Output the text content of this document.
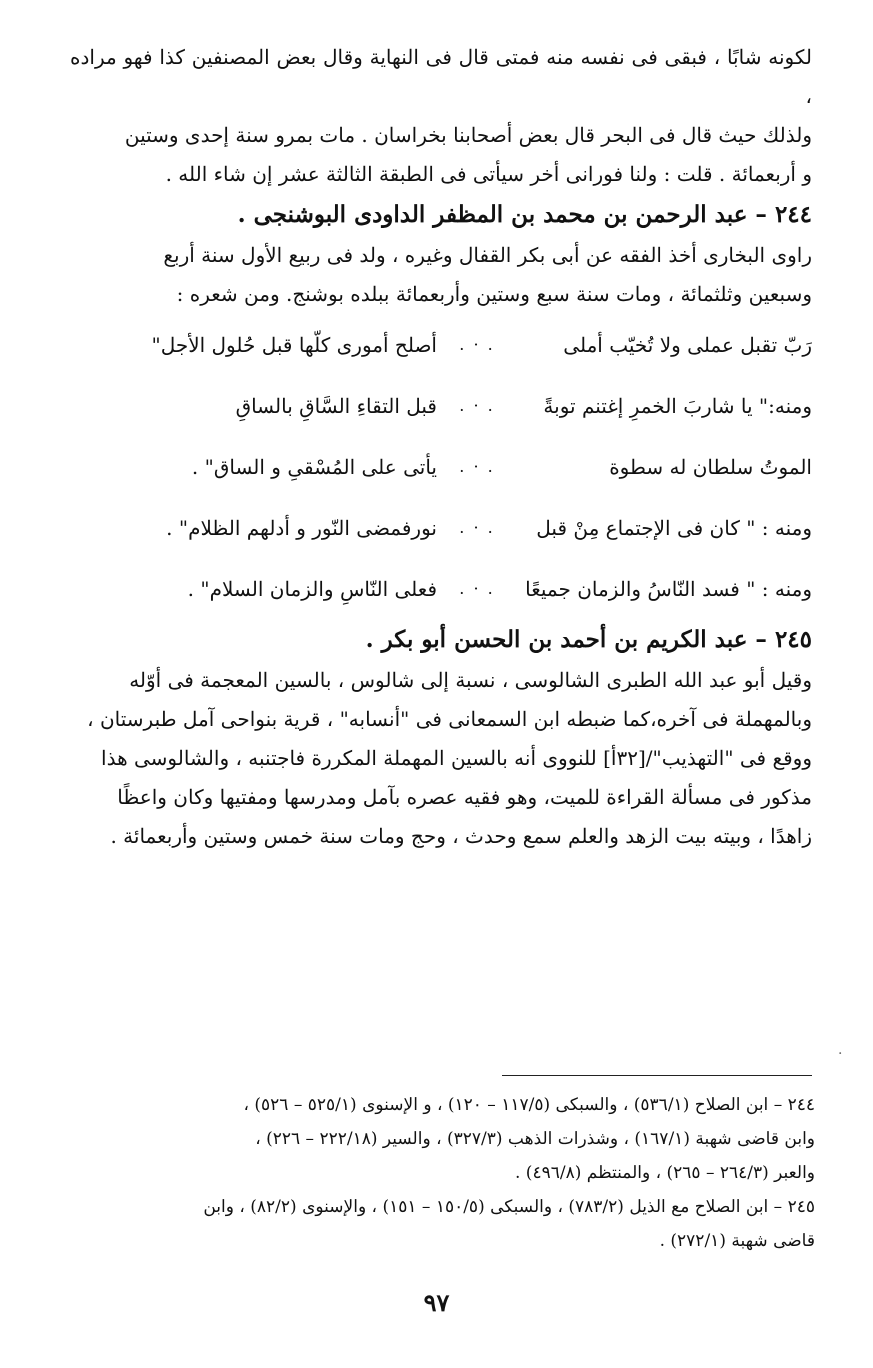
لكونه شابًا ، فبقى فى نفسه منه فمتى قال فى النهاية وقال بعض المصنفين كذا فهو مراده ،

ولذلك حيث قال فى البحر قال بعض أصحابنا بخراسان . مات بمرو سنة إحدى وستين

و أربعمائة . قلت : ولنا فورانى أخر سيأتى فى الطبقة الثالثة عشر إن شاء الله .

٢٤٤ – عبد الرحمن بن محمد بن المظفر الداودى البوشنجى .

راوى البخارى أخذ الفقه عن أبى بكر القفال وغيره ، ولد فى ربيع الأول سنة أربع

وسبعين وثلثمائة ، ومات سنة سبع وستين وأربعمائة ببلده بوشنج. ومن شعره :

رَبّ تقبل عملى ولا تُخيّب أملى
. · .
أصلح أمورى كلّها قبل حُلول الأجل"
ومنه:" يا شاربَ الخمرِ إغتنم توبةً
. · .
قبل التقاءِ السَّاقِ بالساقِ
الموتُ سلطان له سطوة
. · .
يأتى على المُسْقىِ و الساق" .
ومنه : " كان فى الإجتماع مِنْ قبل
. · .
نورفمضى النّور و أدلهم الظلام" .
ومنه : " فسد النّاسُ والزمان جميعًا
. · .
فعلى النّاسِ والزمان السلام" .

٢٤٥ – عبد الكريم بن أحمد بن الحسن أبو بكر .

وقيل أبو عبد الله الطبرى الشالوسى ، نسبة إلى شالوس ، بالسين المعجمة فى أوّله

وبالمهملة فى آخره،كما ضبطه ابن السمعانى فى "أنسابه" ، قرية بنواحى آمل طبرستان ،

ووقع فى "التهذيب"/[٣٢أ] للنووى أنه بالسين المهملة المكررة فاجتنبه ، والشالوسى هذا

مذكور فى مسألة القراءة للميت، وهو فقيه عصره بآمل ومدرسها ومفتيها وكان واعظًا

زاهدًا ، وبيته بيت الزهد والعلم سمع وحدث ، وحج ومات سنة خمس وستين وأربعمائة .

·

٢٤٤ – ابن الصلاح (٥٣٦/١) ، والسبكى (١١٧/٥ – ١٢٠) ، و الإسنوى (٥٢٥/١ – ٥٢٦) ،

وابن قاضى شهبة (١٦٧/١) ، وشذرات الذهب (٣٢٧/٣) ، والسير (٢٢٢/١٨ – ٢٢٦) ،

والعبر (٢٦٤/٣ – ٢٦٥) ، والمنتظم (٤٩٦/٨) .

٢٤٥ – ابن الصلاح مع الذيل (٧٨٣/٢) ، والسبكى (١٥٠/٥ – ١٥١) ، والإسنوى (٨٢/٢) ، وابن

قاضى شهبة (٢٧٢/١) .

٩٧
